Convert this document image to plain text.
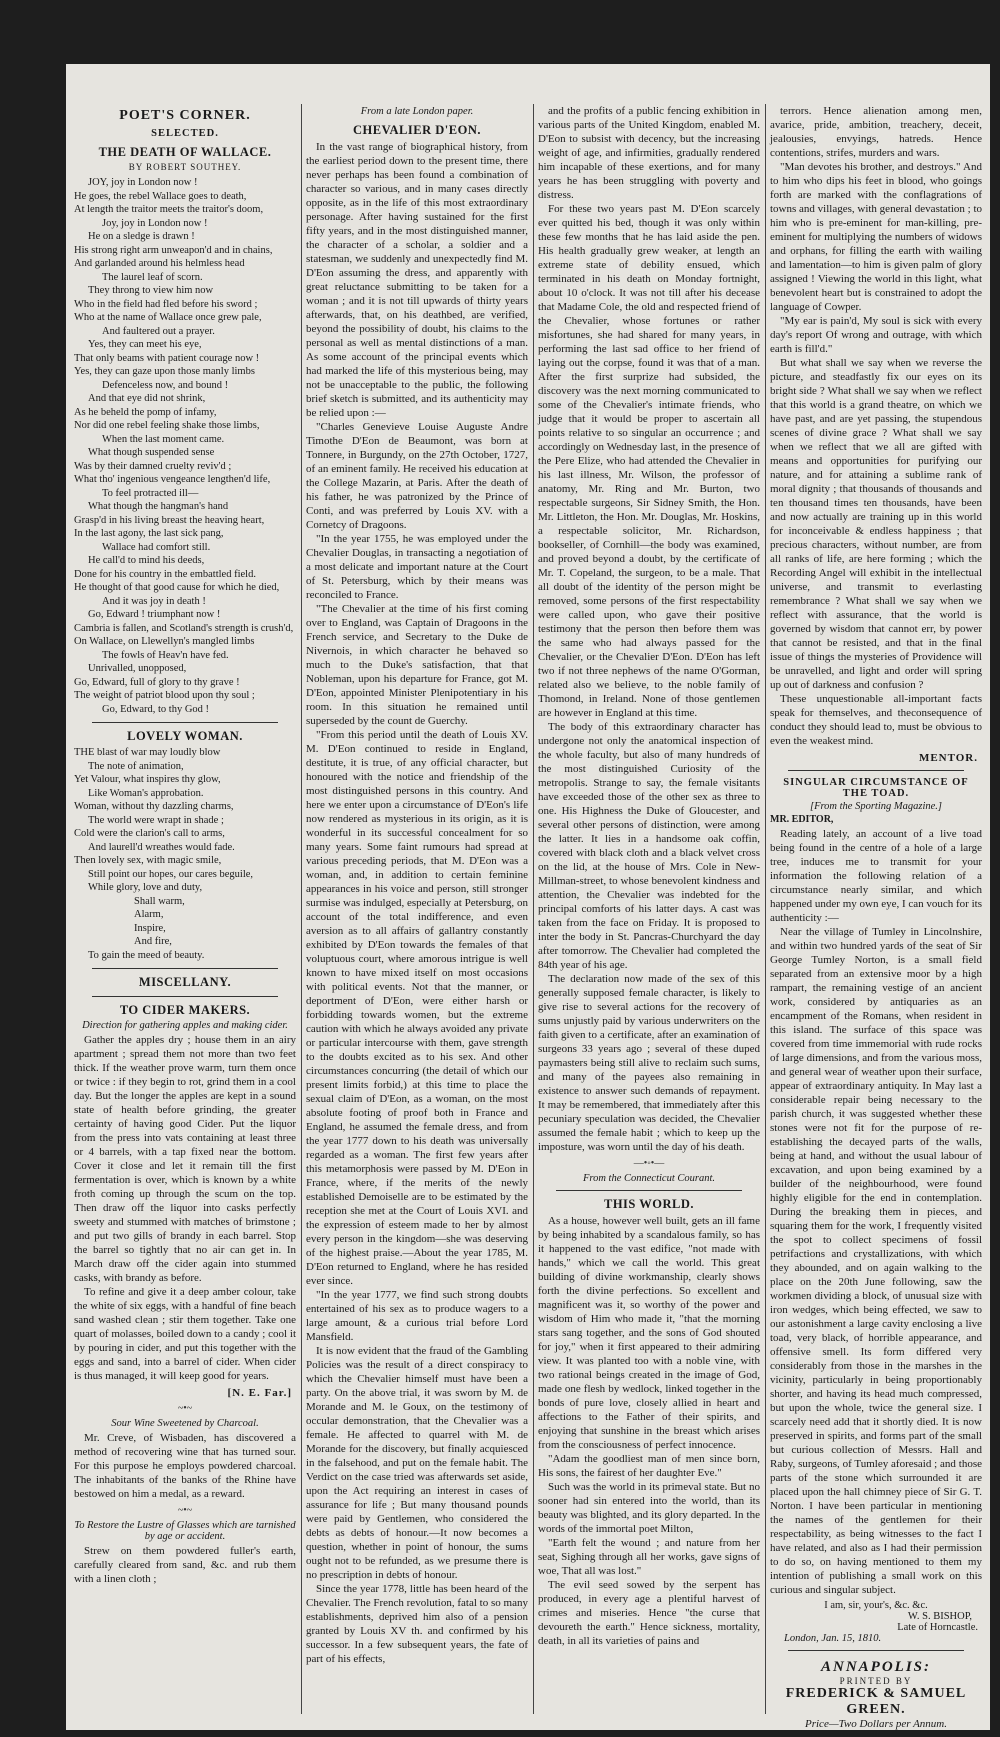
POET'S CORNER.
SELECTED.
THE DEATH OF WALLACE.
BY ROBERT SOUTHEY.
JOY, joy in London now !
He goes, the rebel Wallace goes to death,
At length the traitor meets the traitor's doom,
Joy, joy in London now !
He on a sledge is drawn !
His strong right arm unweapon'd and in chains,
And garlanded around his helmless head
The laurel leaf of scorn.
They throng to view him now
Who in the field had fled before his sword ;
Who at the name of Wallace once grew pale,
And faultered out a prayer.
Yes, they can meet his eye,
That only beams with patient courage now !
Yes, they can gaze upon those manly limbs
Defenceless now, and bound !
And that eye did not shrink,
As he beheld the pomp of infamy,
Nor did one rebel feeling shake those limbs,
When the last moment came.
What though suspended sense
Was by their damned cruelty reviv'd ;
What tho' ingenious vengeance lengthen'd life,
To feel protracted ill—
What though the hangman's hand
Grasp'd in his living breast the heaving heart,
In the last agony, the last sick pang,
Wallace had comfort still.
He call'd to mind his deeds,
Done for his country in the embattled field.
He thought of that good cause for which he died,
And it was joy in death !
Go, Edward ! triumphant now !
Cambria is fallen, and Scotland's strength is crush'd,
On Wallace, on Llewellyn's mangled limbs
The fowls of Heav'n have fed.
Unrivalled, unopposed,
Go, Edward, full of glory to thy grave !
The weight of patriot blood upon thy soul ;
Go, Edward, to thy God !
LOVELY WOMAN.
THE blast of war may loudly blow
The note of animation,
Yet Valour, what inspires thy glow,
Like Woman's approbation.
Woman, without thy dazzling charms,
The world were wrapt in shade ;
Cold were the clarion's call to arms,
And laurell'd wreathes would fade.
Then lovely sex, with magic smile,
Still point our hopes, our cares beguile,
While glory, love and duty,
Shall warm,
Alarm,
Inspire,
And fire,
To gain the meed of beauty.
MISCELLANY.
TO CIDER MAKERS.
Direction for gathering apples and making cider.

Gather the apples dry ; house them in an airy apartment ; spread them not more than two feet thick. If the weather prove warm, turn them once or twice : if they begin to rot, grind them in a cool day. But the longer the apples are kept in a sound state of health before grinding, the greater certainty of having good Cider. Put the liquor from the press into vats containing at least three or 4 barrels, with a tap fixed near the bottom. Cover it close and let it remain till the first fermentation is over, which is known by a white froth coming up through the scum on the top. Then draw off the liquor into casks perfectly sweety and stummed with matches of brimstone ; and put two gills of brandy in each barrel. Stop the barrel so tightly that no air can get in. In March draw off the cider again into stummed casks, with brandy as before.

To refine and give it a deep amber colour, take the white of six eggs, with a handful of fine beach sand washed clean ; stir them together. Take one quart of molasses, boiled down to a candy ; cool it by pouring in cider, and put this together with the eggs and sand, into a barrel of cider. When cider is thus managed, it will keep good for years.

[N. E. Far.]
~•~
Sour Wine Sweetened by Charcoal.

Mr. Creve, of Wisbaden, has discovered a method of recovering wine that has turned sour. For this purpose he employs powdered charcoal. The inhabitants of the banks of the Rhine have bestowed on him a medal, as a reward.

~•~
To Restore the Lustre of Glasses which are tarnished by age or accident.

Strew on them powdered fuller's earth, carefully cleared from sand, &c. and rub them with a linen cloth ;

From a late London paper.
CHEVALIER D'EON.

In the vast range of biographical history, from the earliest period down to the present time, there never perhaps has been found a combination of character so various, and in many cases directly opposite, as in the life of this most extraordinary personage. After having sustained for the first fifty years, and in the most distinguished manner, the character of a scholar, a soldier and a statesman, we suddenly and unexpectedly find M. D'Eon assuming the dress, and apparently with great reluctance submitting to be taken for a woman ; and it is not till upwards of thirty years afterwards, that, on his deathbed, are verified, beyond the possibility of doubt, his claims to the personal as well as mental distinctions of a man. As some account of the principal events which had marked the life of this mysterious being, may not be unacceptable to the public, the following brief sketch is submitted, and its authenticity may be relied upon :—

"Charles Genevieve Louise Auguste Andre Timothe D'Eon de Beaumont, was born at Tonnere, in Burgundy, on the 27th October, 1727, of an eminent family. He received his education at the College Mazarin, at Paris. After the death of his father, he was patronized by the Prince of Conti, and was preferred by Louis XV. with a Cornetcy of Dragoons.

"In the year 1755, he was employed under the Chevalier Douglas, in transacting a negotiation of a most delicate and important nature at the Court of St. Petersburg, which by their means was reconciled to France.

"The Chevalier at the time of his first coming over to England, was Captain of Dragoons in the French service, and Secretary to the Duke de Nivernois, in which character he behaved so much to the Duke's satisfaction, that that Nobleman, upon his departure for France, got M. D'Eon, appointed Minister Plenipotentiary in his room. In this situation he remained until superseded by the count de Guerchy.

"From this period until the death of Louis XV. M. D'Eon continued to reside in England, destitute, it is true, of any official character, but honoured with the notice and friendship of the most distinguished persons in this country. And here we enter upon a circumstance of D'Eon's life now rendered as mysterious in its origin, as it is wonderful in its successful concealment for so many years. Some faint rumours had spread at various preceding periods, that M. D'Eon was a woman, and, in addition to certain feminine appearances in his voice and person, still stronger surmise was indulged, especially at Petersburg, on account of the total indifference, and even aversion as to all affairs of gallantry constantly exhibited by D'Eon towards the females of that voluptuous court, where amorous intrigue is well known to have mixed itself on most occasions with political events. Not that the manner, or deportment of D'Eon, were either harsh or forbidding towards women, but the extreme caution with which he always avoided any private or particular intercourse with them, gave strength to the doubts excited as to his sex. And other circumstances concurring (the detail of which our present limits forbid,) at this time to place the sexual claim of D'Eon, as a woman, on the most absolute footing of proof both in France and England, he assumed the female dress, and from the year 1777 down to his death was universally regarded as a woman. The first few years after this metamorphosis were passed by M. D'Eon in France, where, if the merits of the newly established Demoiselle are to be estimated by the reception she met at the Court of Louis XVI. and the expression of esteem made to her by almost every person in the kingdom—she was deserving of the highest praise.—About the year 1785, M. D'Eon returned to England, where he has resided ever since.

"In the year 1777, we find such strong doubts entertained of his sex as to produce wagers to a large amount, & a curious trial before Lord Mansfield.

It is now evident that the fraud of the Gambling Policies was the result of a direct conspiracy to which the Chevalier himself must have been a party. On the above trial, it was sworn by M. de Morande and M. le Goux, on the testimony of occular demonstration, that the Chevalier was a female. He affected to quarrel with M. de Morande for the discovery, but finally acquiesced in the falsehood, and put on the female habit. The Verdict on the case tried was afterwards set aside, upon the Act requiring an interest in cases of assurance for life ; But many thousand pounds were paid by Gentlemen, who considered the debts as debts of honour.—It now becomes a question, whether in point of honour, the sums ought not to be refunded, as we presume there is no prescription in debts of honour.

Since the year 1778, little has been heard of the Chevalier. The French revolution, fatal to so many establishments, deprived him also of a pension granted by Louis XV th. and confirmed by his successor. In a few subsequent years, the fate of part of his effects,

and the profits of a public fencing exhibition in various parts of the United Kingdom, enabled M. D'Eon to subsist with decency, but the increasing weight of age, and infirmities, gradually rendered him incapable of these exertions, and for many years he has been struggling with poverty and distress.

For these two years past M. D'Eon scarcely ever quitted his bed, though it was only within these few months that he has laid aside the pen. His health gradually grew weaker, at length an extreme state of debility ensued, which terminated in his death on Monday fortnight, about 10 o'clock. It was not till after his decease that Madame Cole, the old and respected friend of the Chevalier, whose fortunes or rather misfortunes, she had shared for many years, in performing the last sad office to her friend of laying out the corpse, found it was that of a man. After the first surprize had subsided, the discovery was the next morning communicated to some of the Chevalier's intimate friends, who judge that it would be proper to ascertain all points relative to so singular an occurrence ; and accordingly on Wednesday last, in the presence of the Pere Elize, who had attended the Chevalier in his last illness, Mr. Wilson, the professor of anatomy, Mr. Ring and Mr. Burton, two respectable surgeons, Sir Sidney Smith, the Hon. Mr. Littleton, the Hon. Mr. Douglas, Mr. Hoskins, a respectable solicitor, Mr. Richardson, bookseller, of Cornhill—the body was examined, and proved beyond a doubt, by the certificate of Mr. T. Copeland, the surgeon, to be a male. That all doubt of the identity of the person might be removed, some persons of the first respectability were called upon, who gave their positive testimony that the person then before them was the same who had always passed for the Chevalier, or the Chevalier D'Eon. D'Eon has left two if not three nephews of the name O'Gorman, related also we believe, to the noble family of Thomond, in Ireland. None of those gentlemen are however in England at this time.

The body of this extraordinary character has undergone not only the anatomical inspection of the whole faculty, but also of many hundreds of the most distinguished Curiosity of the metropolis. Strange to say, the female visitants have exceeded those of the other sex as three to one. His Highness the Duke of Gloucester, and several other persons of distinction, were among the latter. It lies in a handsome oak coffin, covered with black cloth and a black velvet cross on the lid, at the house of Mrs. Cole in New-Millman-street, to whose benevolent kindness and attention, the Chevalier was indebted for the principal comforts of his latter days. A cast was taken from the face on Friday. It is proposed to inter the body in St. Pancras-Churchyard the day after tomorrow. The Chevalier had completed the 84th year of his age.

The declaration now made of the sex of this generally supposed female character, is likely to give rise to several actions for the recovery of sums unjustly paid by various underwriters on the faith given to a certificate, after an examination of surgeons 33 years ago ; several of these duped paymasters being still alive to reclaim such sums, and many of the payees also remaining in existence to answer such demands of repayment. It may be remembered, that immediately after this pecuniary speculation was decided, the Chevalier assumed the female habit ; which to keep up the imposture, was worn until the day of his death.

—•◦•—
From the Connecticut Courant.
THIS WORLD.

As a house, however well built, gets an ill fame by being inhabited by a scandalous family, so has it happened to the vast edifice, "not made with hands," which we call the world. This great building of divine workmanship, clearly shows forth the divine perfections. So excellent and magnificent was it, so worthy of the power and wisdom of Him who made it, "that the morning stars sang together, and the sons of God shouted for joy," when it first appeared to their admiring view. It was planted too with a noble vine, with two rational beings created in the image of God, made one flesh by wedlock, linked together in the bonds of pure love, closely allied in heart and affections to the Father of their spirits, and enjoying that sunshine in the breast which arises from the consciousness of perfect innocence.

"Adam the goodliest man of men since born, His sons, the fairest of her daughter Eve."

Such was the world in its primeval state. But no sooner had sin entered into the world, than its beauty was blighted, and its glory departed. In the words of the immortal poet Milton,

"Earth felt the wound ; and nature from her seat, Sighing through all her works, gave signs of woe, That all was lost."

The evil seed sowed by the serpent has produced, in every age a plentiful harvest of crimes and miseries. Hence "the curse that devoureth the earth." Hence sickness, mortality, death, in all its varieties of pains and

terrors. Hence alienation among men, avarice, pride, ambition, treachery, deceit, jealousies, envyings, hatreds. Hence contentions, strifes, murders and wars.

"Man devotes his brother, and destroys." And to him who dips his feet in blood, who goings forth are marked with the conflagrations of towns and villages, with general devastation ; to him who is pre-eminent for man-killing, pre-eminent for multiplying the numbers of widows and orphans, for filling the earth with wailing and lamentation—to him is given palm of glory assigned ! Viewing the world in this light, what benevolent heart but is constrained to adopt the language of Cowper.

"My ear is pain'd, My soul is sick with every day's report Of wrong and outrage, with which earth is fill'd."

But what shall we say when we reverse the picture, and steadfastly fix our eyes on its bright side ? What shall we say when we reflect that this world is a grand theatre, on which we have past, and are yet passing, the stupendous scenes of divine grace ? What shall we say when we reflect that we all are gifted with means and opportunities for purifying our nature, and for attaining a sublime rank of moral dignity ; that thousands of thousands and ten thousand times ten thousands, have been and now actually are training up in this world for inconceivable & endless happiness ; that precious characters, without number, are from all ranks of life, are here forming ; which the Recording Angel will exhibit in the intellectual universe, and transmit to everlasting remembrance ? What shall we say when we reflect with assurance, that the world is governed by wisdom that cannot err, by power that cannot be resisted, and that in the final issue of things the mysteries of Providence will be unravelled, and light and order will spring up out of darkness and confusion ?

These unquestionable all-important facts speak for themselves, and theconsequence of conduct they should lead to, must be obvious to even the weakest mind.

MENTOR.
SINGULAR CIRCUMSTANCE OF THE TOAD.
[From the Sporting Magazine.]
MR. EDITOR,

Reading lately, an account of a live toad being found in the centre of a hole of a large tree, induces me to transmit for your information the following relation of a circumstance nearly similar, and which happened under my own eye, I can vouch for its authenticity :—

Near the village of Tumley in Lincolnshire, and within two hundred yards of the seat of Sir George Tumley Norton, is a small field separated from an extensive moor by a high rampart, the remaining vestige of an ancient work, considered by antiquaries as an encampment of the Romans, when resident in this island. The surface of this space was covered from time immemorial with rude rocks of large dimensions, and from the various moss, and general wear of weather upon their surface, appear of extraordinary antiquity. In May last a considerable repair being necessary to the parish church, it was suggested whether these stones were not fit for the purpose of re-establishing the decayed parts of the walls, being at hand, and without the usual labour of excavation, and upon being examined by a builder of the neighbourhood, were found highly eligible for the end in contemplation. During the breaking them in pieces, and squaring them for the work, I frequently visited the spot to collect specimens of fossil petrifactions and crystallizations, with which they abounded, and on again walking to the place on the 20th June following, saw the workmen dividing a block, of unusual size with iron wedges, which being effected, we saw to our astonishment a large cavity enclosing a live toad, very black, of horrible appearance, and offensive smell. Its form differed very considerably from those in the marshes in the vicinity, particularly in being proportionably shorter, and having its head much compressed, but upon the whole, twice the general size. I scarcely need add that it shortly died. It is now preserved in spirits, and forms part of the small but curious collection of Messrs. Hall and Raby, surgeons, of Tumley aforesaid ; and those parts of the stone which surrounded it are placed upon the hall chimney piece of Sir G. T. Norton. I have been particular in mentioning the names of the gentlemen for their respectability, as being witnesses to the fact I have related, and also as I had their permission to do so, on having mentioned to them my intention of publishing a small work on this curious and singular subject.

I am, sir, your's, &c. &c.
W. S. BISHOP,
Late of Horncastle.
London, Jan. 15, 1810.
ANNAPOLIS:
PRINTED BY
FREDERICK & SAMUEL GREEN.
Price—Two Dollars per Annum.
